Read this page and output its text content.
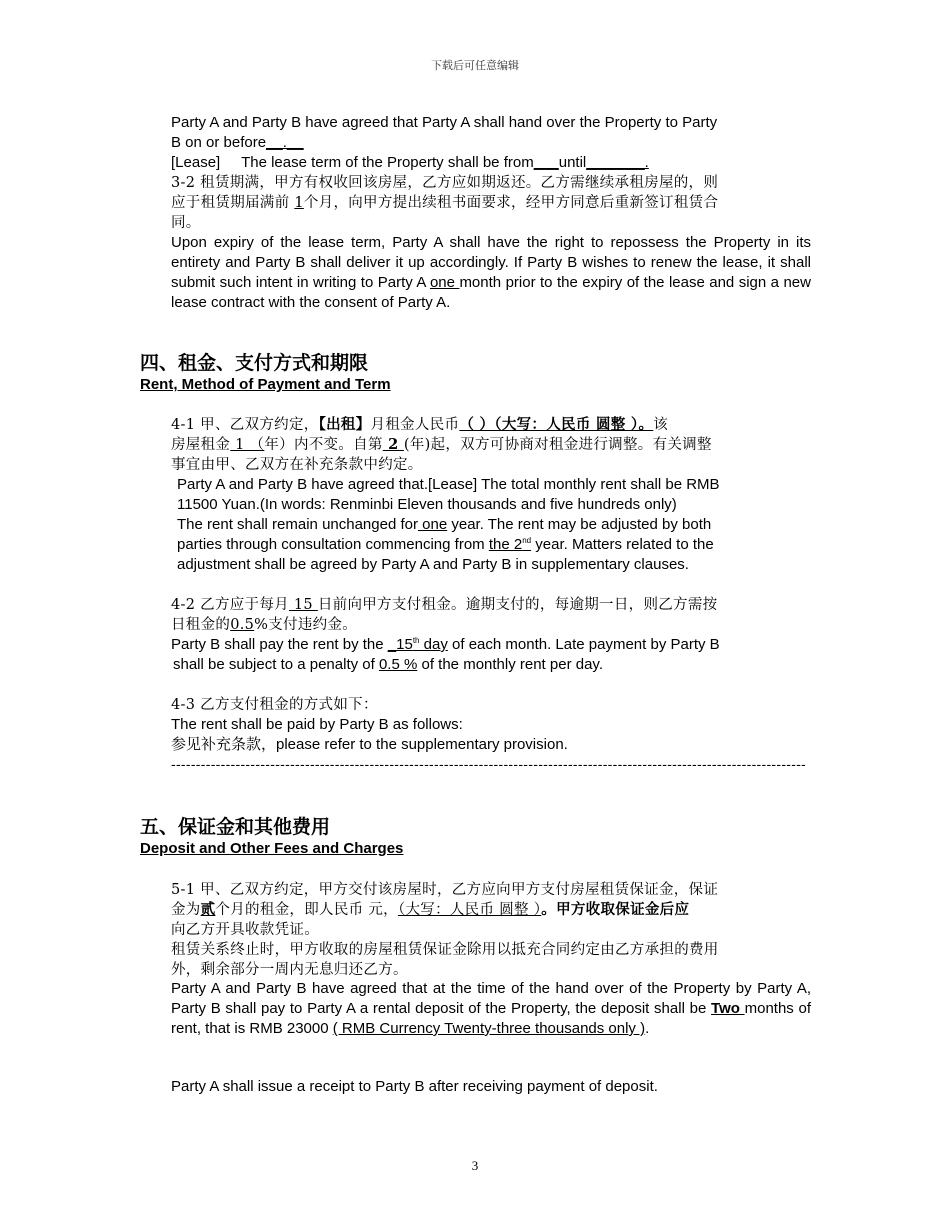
下载后可任意编辑
Party A and Party B have agreed that Party A shall hand over the Property to Party
B on or before__.__
[Lease] The lease term of the Property shall be from___until_______.
3-2 租赁期满，甲方有权收回该房屋，乙方应如期返还。乙方需继续承租房屋的，则
应于租赁期届满前 1个月，向甲方提出续租书面要求，经甲方同意后重新签订租赁合
同。
Upon expiry of the lease term, Party A shall have the right to repossess the Property in its entirety and Party B shall deliver it up accordingly. If Party B wishes to renew the lease, it shall submit such intent in writing to Party A one month prior to the expiry of the lease and sign a new lease contract with the consent of Party A.
四、租金、支付方式和期限
Rent, Method of Payment and Term
4-1 甲、乙双方约定，【出租】月租金人民币（ ）（大写：人民币 圆整 ）。该
房屋租金 1 （年）内不变。自第 2 (年)起，双方可协商对租金进行调整。有关调整
事宜由甲、乙双方在补充条款中约定。
Party A and Party B have agreed that.[Lease] The total monthly rent shall be RMB
11500 Yuan.(In words: Renminbi Eleven thousands and five hundreds only)
The rent shall remain unchanged for one year. The rent may be adjusted by both
parties through consultation commencing from the 2nd year. Matters related to the
adjustment shall be agreed by Party A and Party B in supplementary clauses.
4-2 乙方应于每月 15 日前向甲方支付租金。逾期支付的，每逾期一日，则乙方需按
日租金的0.5%支付违约金。
Party B shall pay the rent by the _15th day of each month. Late payment by Party B
shall be subject to a penalty of 0.5 % of the monthly rent per day.
4-3 乙方支付租金的方式如下：
The rent shall be paid by Party B as follows:
参见补充条款，please refer to the supplementary provision.
--------------------------------------------------------------------------------------------------------------------------------
五、保证金和其他费用
Deposit and Other Fees and Charges
5-1 甲、乙双方约定，甲方交付该房屋时，乙方应向甲方支付房屋租赁保证金，保证
金为贰个月的租金，即人民币 元，（大写：人民币 圆整 ）。甲方收取保证金后应
向乙方开具收款凭证。
租赁关系终止时，甲方收取的房屋租赁保证金除用以抵充合同约定由乙方承担的费用
外，剩余部分一周内无息归还乙方。
Party A and Party B have agreed that at the time of the hand over of the Property by Party A, Party B shall pay to Party A a rental deposit of the Property, the deposit shall be Two months of rent, that is RMB 23000 ( RMB Currency Twenty-three thousands only ).
Party A shall issue a receipt to Party B after receiving payment of deposit.
3
